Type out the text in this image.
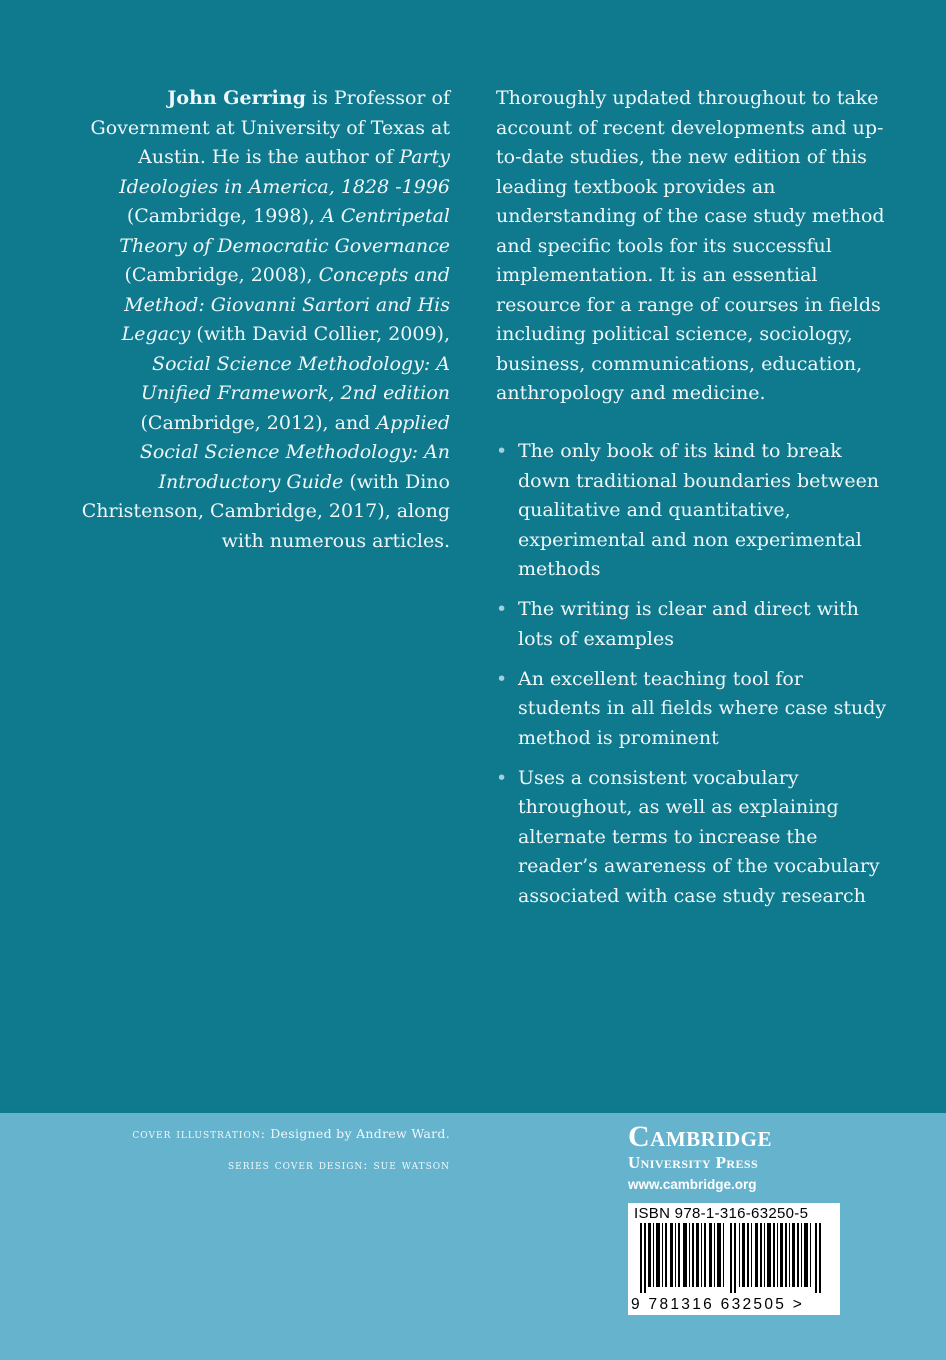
John Gerring is Professor of Government at University of Texas at Austin. He is the author of Party Ideologies in America, 1828 -1996 (Cambridge, 1998), A Centripetal Theory of Democratic Governance (Cambridge, 2008), Concepts and Method: Giovanni Sartori and His Legacy (with David Collier, 2009), Social Science Methodology: A Unified Framework, 2nd edition (Cambridge, 2012), and Applied Social Science Methodology: An Introductory Guide (with Dino Christenson, Cambridge, 2017), along with numerous articles.
Thoroughly updated throughout to take account of recent developments and up-to-date studies, the new edition of this leading textbook provides an understanding of the case study method and specific tools for its successful implementation. It is an essential resource for a range of courses in fields including political science, sociology, business, communications, education, anthropology and medicine.
• The only book of its kind to break down traditional boundaries between qualitative and quantitative, experimental and non experimental methods
• The writing is clear and direct with lots of examples
• An excellent teaching tool for students in all fields where case study method is prominent
• Uses a consistent vocabulary throughout, as well as explaining alternate terms to increase the reader’s awareness of the vocabulary associated with case study research
cover illustration: Designed by Andrew Ward.
series cover design: sue watson
Cambridge
University Press
www.cambridge.org
ISBN 978-1-316-63250-5
9 781316 632505 >
